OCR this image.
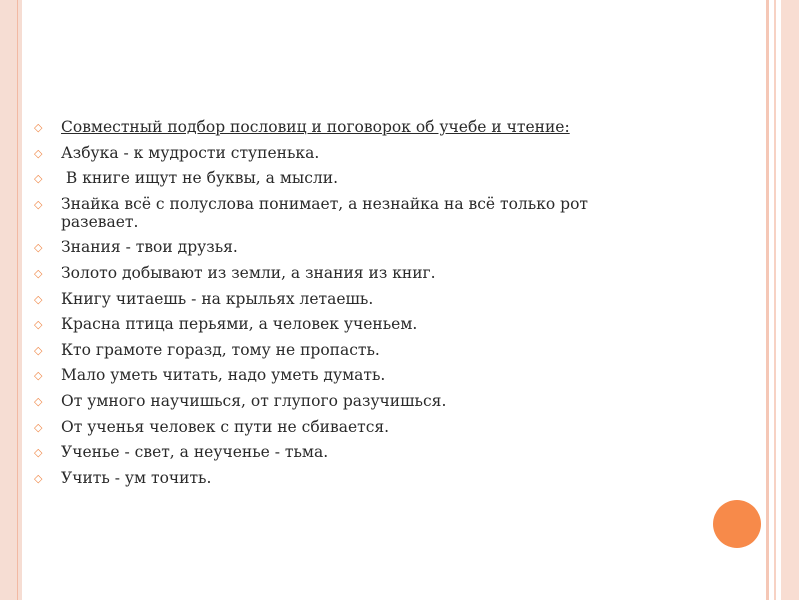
◇ Совместный подбор пословиц и поговорок об учебе и чтение:
◇ Азбука - к мудрости ступенька.
◇ В книге ищут не буквы, а мысли.
◇ Знайка всё с полуслова понимает, а незнайка на всё только рот разевает.
◇ Знания - твои друзья.
◇ Золото добывают из земли, а знания из книг.
◇ Книгу читаешь - на крыльях летаешь.
◇ Красна птица перьями, а человек ученьем.
◇ Кто грамоте горазд, тому не пропасть.
◇ Мало уметь читать, надо уметь думать.
◇ От умного научишься, от глупого разучишься.
◇ От ученья человек с пути не сбивается.
◇ Ученье - свет, а неученье - тьма.
◇ Учить - ум точить.
